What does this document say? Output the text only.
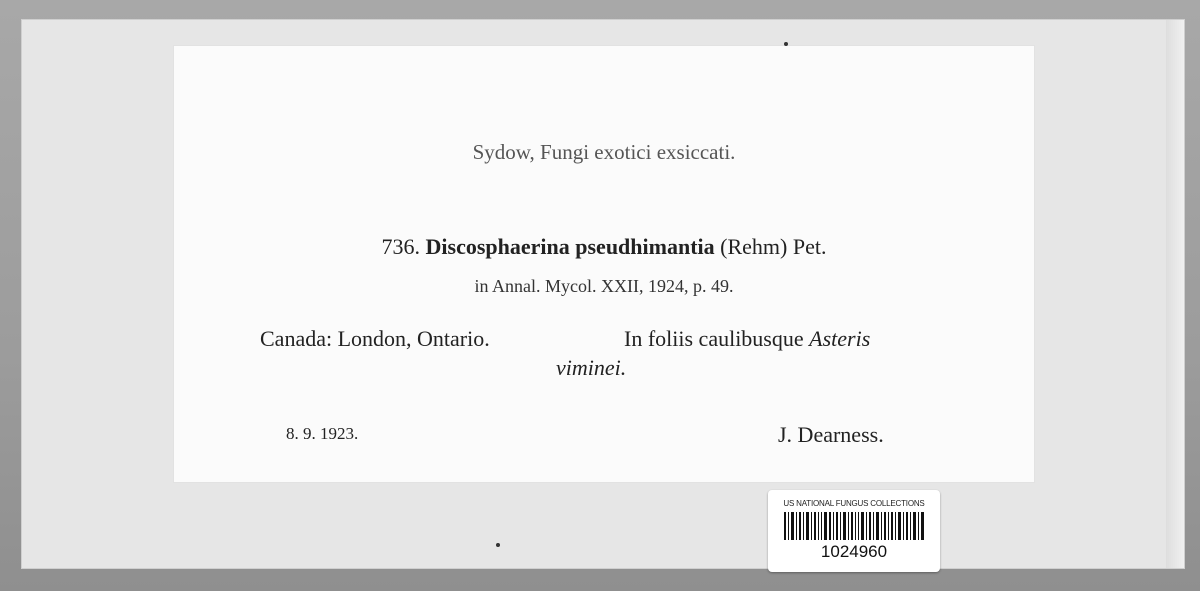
Sydow, Fungi exotici exsiccati.
736. Discosphaerina pseudhimantia (Rehm) Pet.
in Annal. Mycol. XXII, 1924, p. 49.
Canada: London, Ontario.	In foliis caulibusque Asteris
viminei.
8. 9. 1923.	J. Dearness.
US NATIONAL FUNGUS COLLECTIONS
1024960
